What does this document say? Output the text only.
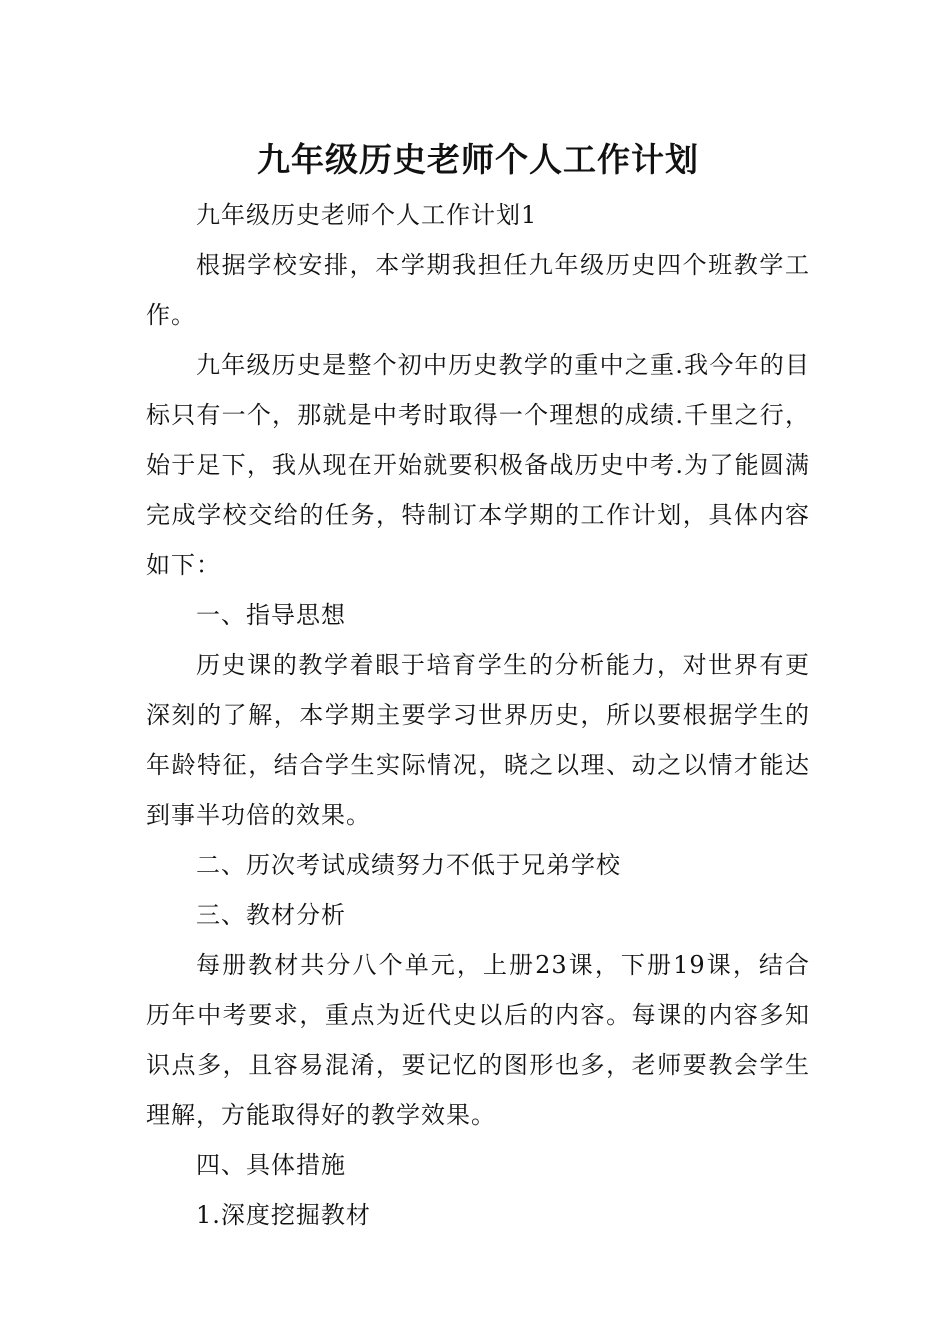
九年级历史老师个人工作计划

九年级历史老师个人工作计划1

根据学校安排，本学期我担任九年级历史四个班教学工作。

九年级历史是整个初中历史教学的重中之重.我今年的目标只有一个，那就是中考时取得一个理想的成绩.千里之行，始于足下，我从现在开始就要积极备战历史中考.为了能圆满完成学校交给的任务，特制订本学期的工作计划，具体内容如下：

一、指导思想

历史课的教学着眼于培育学生的分析能力，对世界有更深刻的了解，本学期主要学习世界历史，所以要根据学生的年龄特征，结合学生实际情况，晓之以理、动之以情才能达到事半功倍的效果。

二、历次考试成绩努力不低于兄弟学校

三、教材分析

每册教材共分八个单元，上册23课，下册19课，结合历年中考要求，重点为近代史以后的内容。每课的内容多知识点多，且容易混淆，要记忆的图形也多，老师要教会学生理解，方能取得好的教学效果。

四、具体措施

1.深度挖掘教材
